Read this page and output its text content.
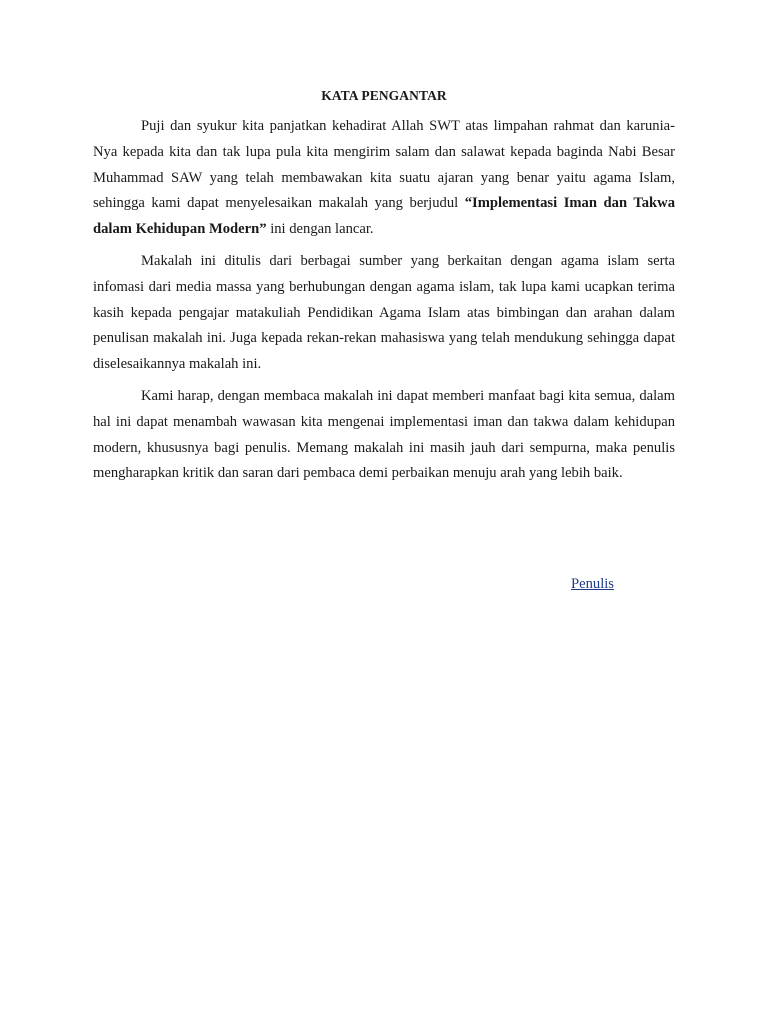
KATA PENGANTAR

Puji dan syukur kita panjatkan kehadirat Allah SWT atas limpahan rahmat dan karunia-Nya kepada kita dan tak lupa pula kita mengirim salam dan salawat kepada baginda Nabi Besar Muhammad SAW yang telah membawakan kita suatu ajaran yang benar yaitu agama Islam, sehingga kami dapat menyelesaikan makalah yang berjudul “Implementasi Iman dan Takwa dalam Kehidupan Modern” ini dengan lancar.

Makalah ini ditulis dari berbagai sumber yang berkaitan dengan agama islam serta infomasi dari media massa yang berhubungan dengan agama islam, tak lupa kami ucapkan terima kasih kepada pengajar matakuliah Pendidikan Agama Islam atas bimbingan dan arahan dalam penulisan makalah ini. Juga kepada rekan-rekan mahasiswa yang telah mendukung sehingga dapat diselesaikannya makalah ini.

Kami harap, dengan membaca makalah ini dapat memberi manfaat bagi kita semua, dalam hal ini dapat menambah wawasan kita mengenai implementasi iman dan takwa dalam kehidupan modern, khususnya bagi penulis. Memang makalah ini masih jauh dari sempurna, maka penulis mengharapkan kritik dan saran dari pembaca demi perbaikan menuju arah yang lebih baik.

Penulis
